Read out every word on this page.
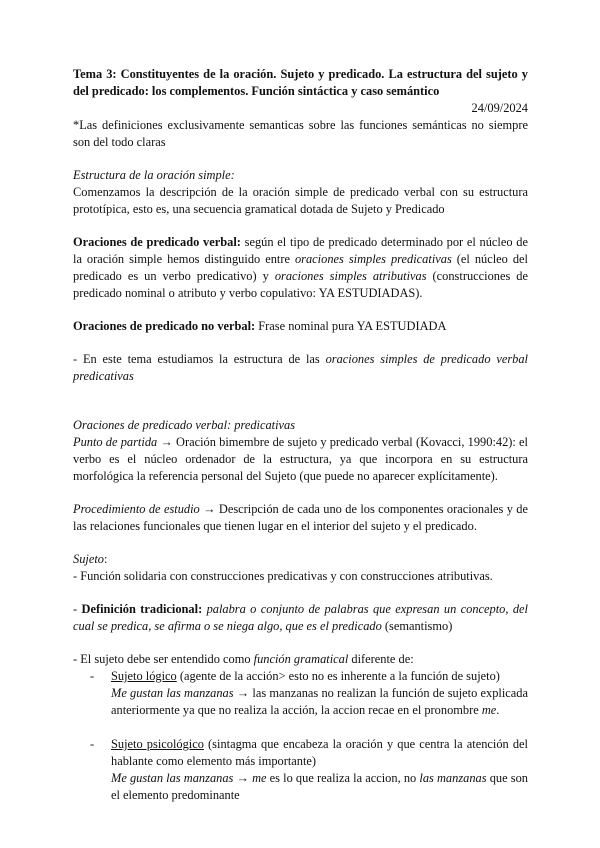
Tema 3: Constituyentes de la oración. Sujeto y predicado. La estructura del sujeto y del predicado: los complementos. Función sintáctica y caso semántico

24/09/2024

*Las definiciones exclusivamente semanticas sobre las funciones semánticas no siempre son del todo claras

Estructura de la oración simple:

Comenzamos la descripción de la oración simple de predicado verbal con su estructura prototípica, esto es, una secuencia gramatical dotada de Sujeto y Predicado

Oraciones de predicado verbal: según el tipo de predicado determinado por el núcleo de la oración simple hemos distinguido entre oraciones simples predicativas (el núcleo del predicado es un verbo predicativo) y oraciones simples atributivas (construcciones de predicado nominal o atributo y verbo copulativo: YA ESTUDIADAS).

Oraciones de predicado no verbal: Frase nominal pura YA ESTUDIADA

- En este tema estudiamos la estructura de las oraciones simples de predicado verbal predicativas

Oraciones de predicado verbal: predicativas

Punto de partida → Oración bimembre de sujeto y predicado verbal (Kovacci, 1990:42): el verbo es el núcleo ordenador de la estructura, ya que incorpora en su estructura morfológica la referencia personal del Sujeto (que puede no aparecer explícitamente).

Procedimiento de estudio → Descripción de cada uno de los componentes oracionales y de las relaciones funcionales que tienen lugar en el interior del sujeto y el predicado.

Sujeto:

- Función solidaria con construcciones predicativas y con construcciones atributivas.

- Definición tradicional: palabra o conjunto de palabras que expresan un concepto, del cual se predica, se afirma o se niega algo, que es el predicado (semantismo)

- El sujeto debe ser entendido como función gramatical diferente de:

- Sujeto lógico (agente de la acción> esto no es inherente a la función de sujeto)
Me gustan las manzanas → las manzanas no realizan la función de sujeto explicada anteriormente ya que no realiza la acción, la accion recae en el pronombre me.
- Sujeto psicológico (sintagma que encabeza la oración y que centra la atención del hablante como elemento más importante)
Me gustan las manzanas → me es lo que realiza la accion, no las manzanas que son el elemento predominante
